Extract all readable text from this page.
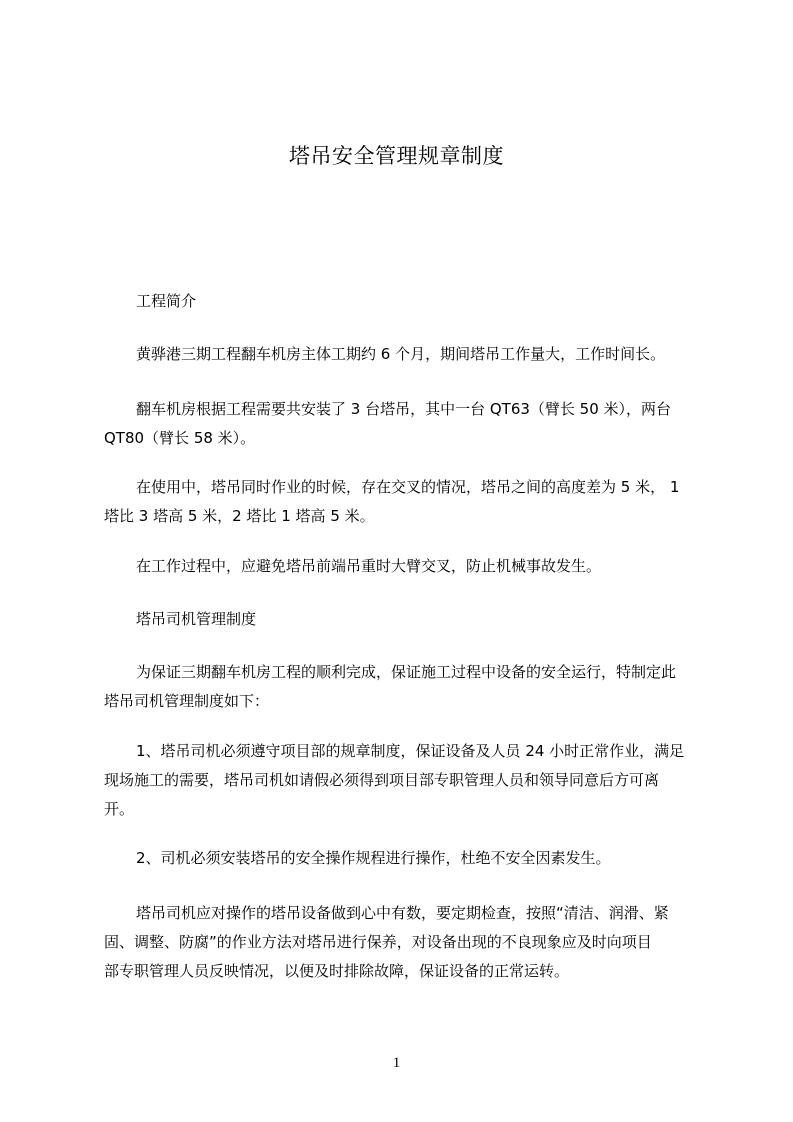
塔吊安全管理规章制度
工程简介
黄骅港三期工程翻车机房主体工期约 6 个月，期间塔吊工作量大，工作时间长。
翻车机房根据工程需要共安装了 3 台塔吊，其中一台 QT63（臂长 50 米），两台
QT80（臂长 58 米）。
在使用中，塔吊同时作业的时候，存在交叉的情况，塔吊之间的高度差为 5 米， 1
塔比 3 塔高 5 米，2 塔比 1 塔高 5 米。
在工作过程中，应避免塔吊前端吊重时大臂交叉，防止机械事故发生。
塔吊司机管理制度
为保证三期翻车机房工程的顺利完成，保证施工过程中设备的安全运行，特制定此
塔吊司机管理制度如下：
1、塔吊司机必须遵守项目部的规章制度，保证设备及人员 24 小时正常作业，满足
现场施工的需要，塔吊司机如请假必须得到项目部专职管理人员和领导同意后方可离
开。
2、司机必须安装塔吊的安全操作规程进行操作，杜绝不安全因素发生。
塔吊司机应对操作的塔吊设备做到心中有数，要定期检查，按照“清洁、润滑、紧
固、调整、防腐”的作业方法对塔吊进行保养，对设备出现的不良现象应及时向项目
部专职管理人员反映情况，以便及时排除故障，保证设备的正常运转。
1
